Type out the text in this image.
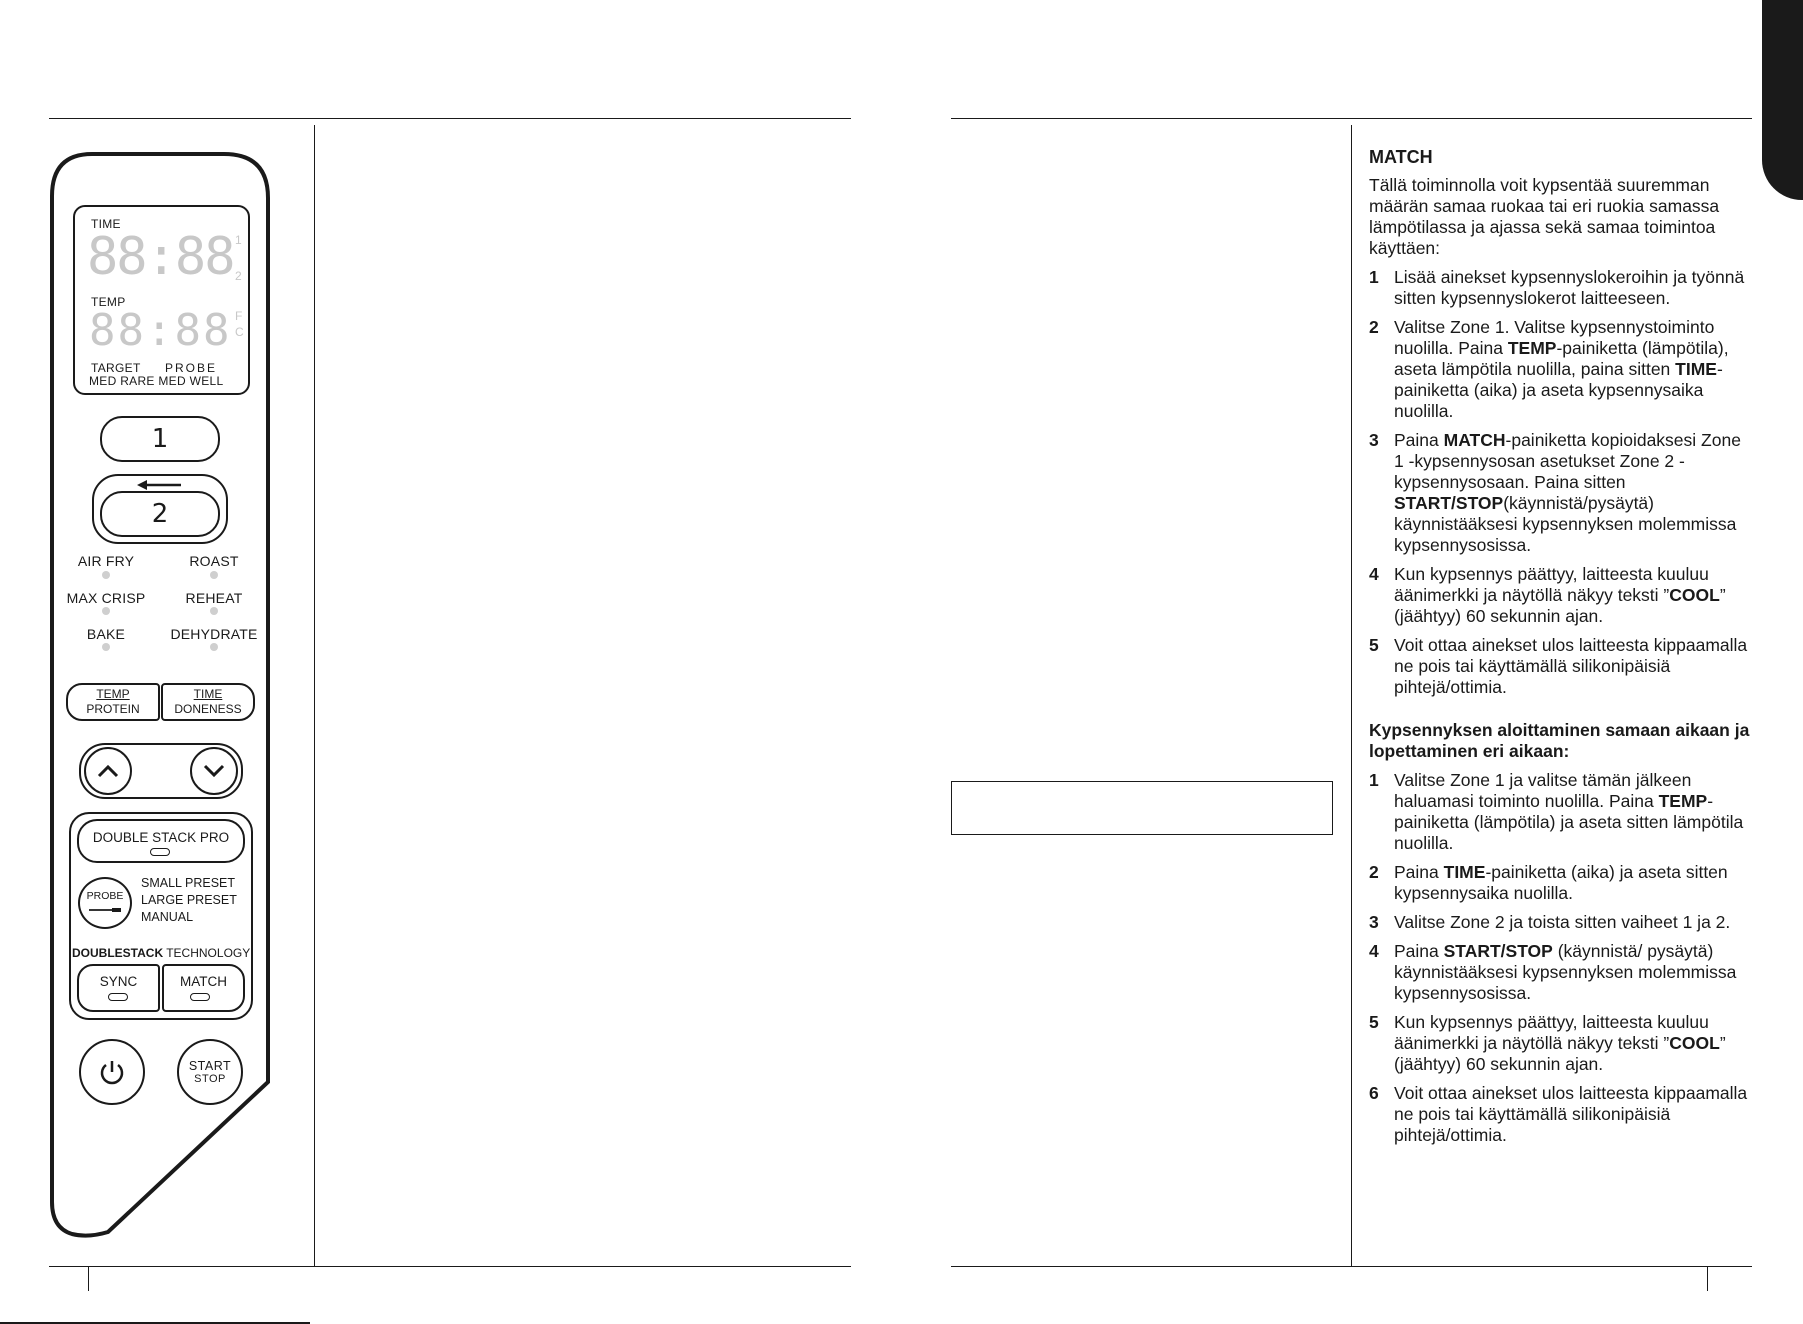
TIME
88:88 1
2
TEMP
88:88 F
C
TARGET PROBE
MED RARE MED WELL
1
2
AIR FRY	ROAST
MAX CRISP	REHEAT
BAKE	DEHYDRATE
TEMP
PROTEIN
TIME
DONENESS
DOUBLE STACK PRO
PROBE
SMALL PRESET
LARGE PRESET
MANUAL
DOUBLESTACK TECHNOLOGY
SYNC	MATCH
START
STOP
MATCH

Tällä toiminnolla voit kypsentää suuremman määrän samaa ruokaa tai eri ruokia samassa lämpötilassa ja ajassa sekä samaa toimintoa käyttäen:

1 Lisää ainekset kypsennyslokeroihin ja työnnä sitten kypsennyslokerot laitteeseen.
2 Valitse Zone 1. Valitse kypsennystoiminto nuolilla. Paina TEMP-painiketta (lämpötila), aseta lämpötila nuolilla, paina sitten TIME-painiketta (aika) ja aseta kypsennysaika nuolilla.
3 Paina MATCH-painiketta kopioidaksesi Zone 1 -kypsennysosan asetukset Zone 2 -kypsennysosaan. Paina sitten START/STOP(käynnistä/pysäytä) käynnistääksesi kypsennyksen molemmissa kypsennysosissa.
4 Kun kypsennys päättyy, laitteesta kuuluu äänimerkki ja näytöllä näkyy teksti ”COOL” (jäähtyy) 60 sekunnin ajan.
5 Voit ottaa ainekset ulos laitteesta kippaamalla ne pois tai käyttämällä silikonipäisiä pihtejä/ottimia.
Kypsennyksen aloittaminen samaan aikaan ja lopettaminen eri aikaan:
1 Valitse Zone 1 ja valitse tämän jälkeen haluamasi toiminto nuolilla. Paina TEMP-painiketta (lämpötila) ja aseta sitten lämpötila nuolilla.
2 Paina TIME-painiketta (aika) ja aseta sitten kypsennysaika nuolilla.
3 Valitse Zone 2 ja toista sitten vaiheet 1 ja 2.
4 Paina START/STOP (käynnistä/ pysäytä) käynnistääksesi kypsennyksen molemmissa kypsennysosissa.
5 Kun kypsennys päättyy, laitteesta kuuluu äänimerkki ja näytöllä näkyy teksti ”COOL” (jäähtyy) 60 sekunnin ajan.
6 Voit ottaa ainekset ulos laitteesta kippaamalla ne pois tai käyttämällä silikonipäisiä pihtejä/ottimia.
